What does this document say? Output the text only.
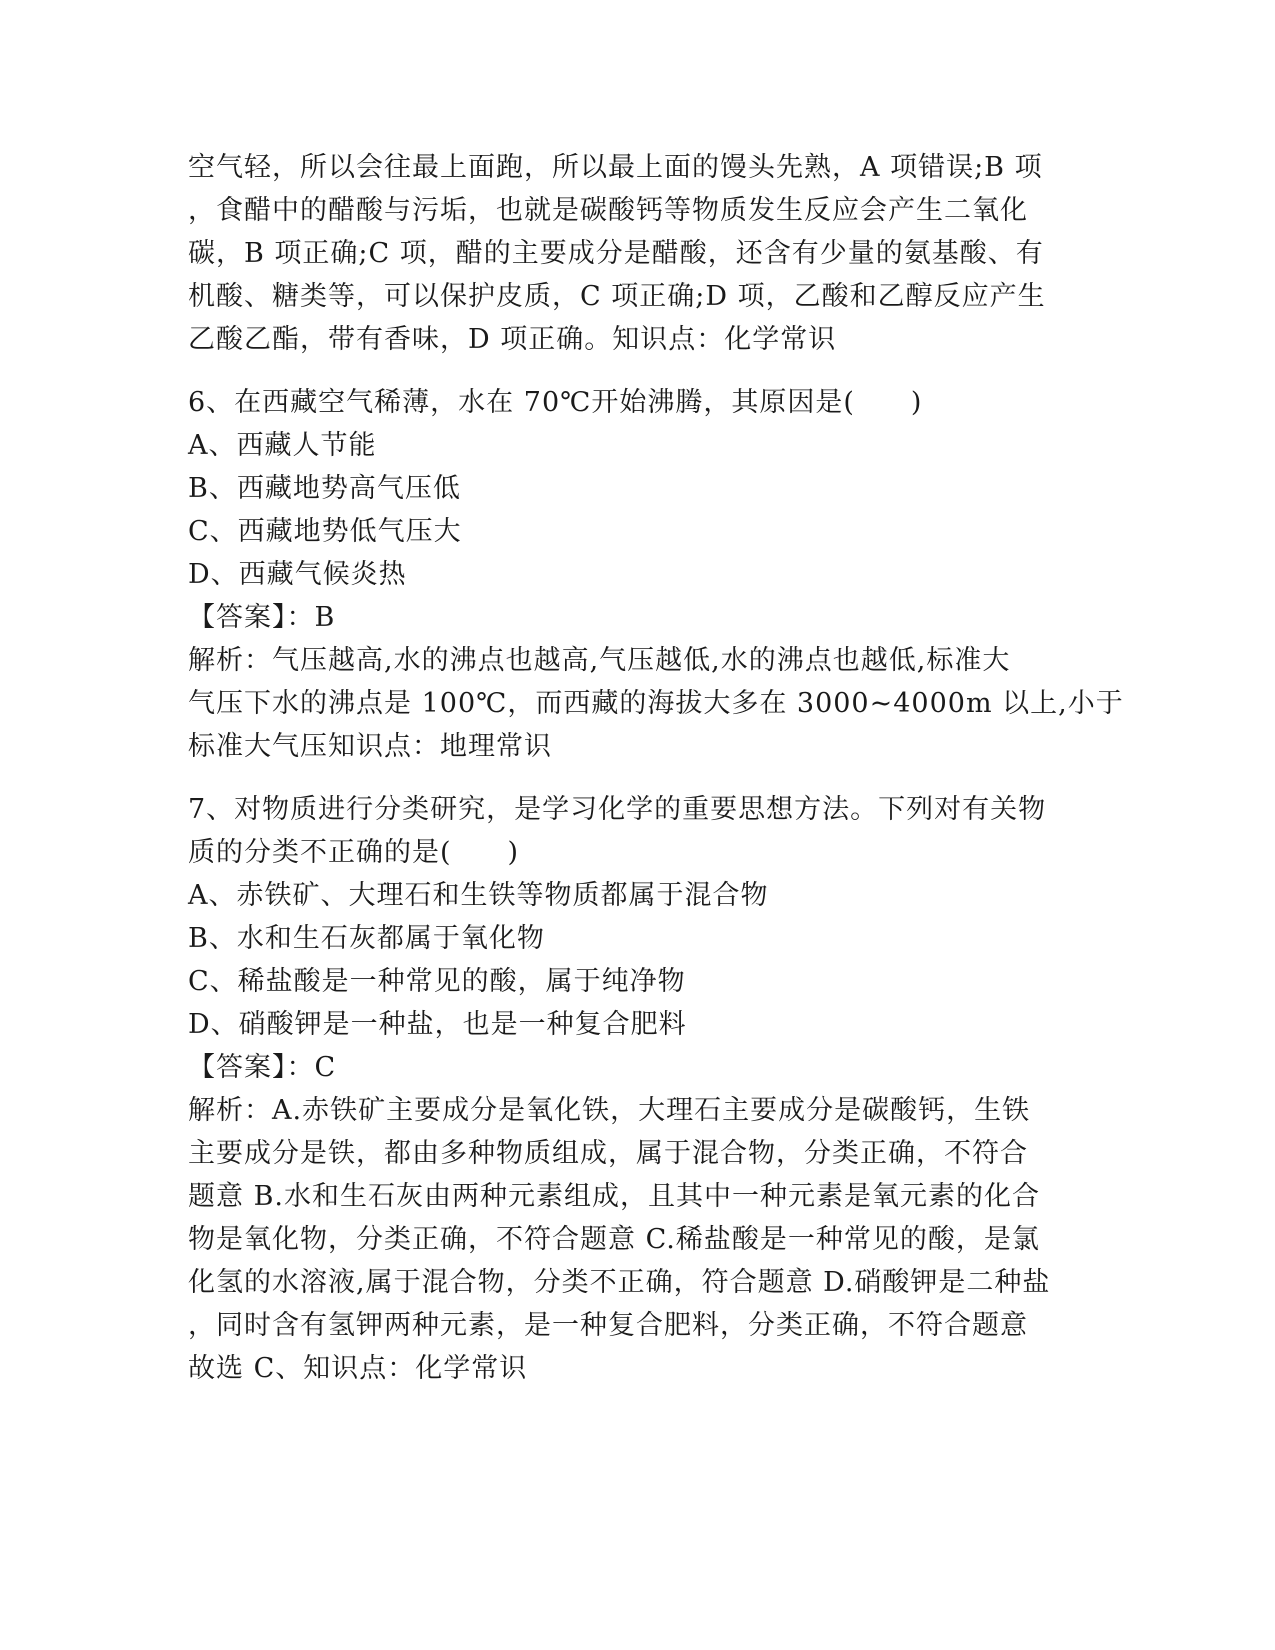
空气轻，所以会往最上面跑，所以最上面的馒头先熟，A 项错误;B 项
，食醋中的醋酸与污垢，也就是碳酸钙等物质发生反应会产生二氧化
碳，B 项正确;C 项，醋的主要成分是醋酸，还含有少量的氨基酸、有
机酸、糖类等，可以保护皮质，C 项正确;D 项，乙酸和乙醇反应产生
乙酸乙酯，带有香味，D 项正确。知识点：化学常识
6、在西藏空气稀薄，水在 70℃开始沸腾，其原因是(　　)
A、西藏人节能
B、西藏地势高气压低
C、西藏地势低气压大
D、西藏气候炎热
【答案】：B
解析：气压越高,水的沸点也越高,气压越低,水的沸点也越低,标准大
气压下水的沸点是 100℃，而西藏的海拔大多在 3000~4000m 以上,小于
标准大气压知识点：地理常识
7、对物质进行分类研究，是学习化学的重要思想方法。下列对有关物
质的分类不正确的是(　　)
A、赤铁矿、大理石和生铁等物质都属于混合物
B、水和生石灰都属于氧化物
C、稀盐酸是一种常见的酸，属于纯净物
D、硝酸钾是一种盐，也是一种复合肥料
【答案】：C
解析：A.赤铁矿主要成分是氧化铁，大理石主要成分是碳酸钙，生铁
主要成分是铁，都由多种物质组成，属于混合物，分类正确，不符合
题意 B.水和生石灰由两种元素组成，且其中一种元素是氧元素的化合
物是氧化物，分类正确，不符合题意 C.稀盐酸是一种常见的酸，是氯
化氢的水溶液,属于混合物，分类不正确，符合题意 D.硝酸钾是二种盐
，同时含有氢钾两种元素，是一种复合肥料，分类正确，不符合题意
故选 C、知识点：化学常识
